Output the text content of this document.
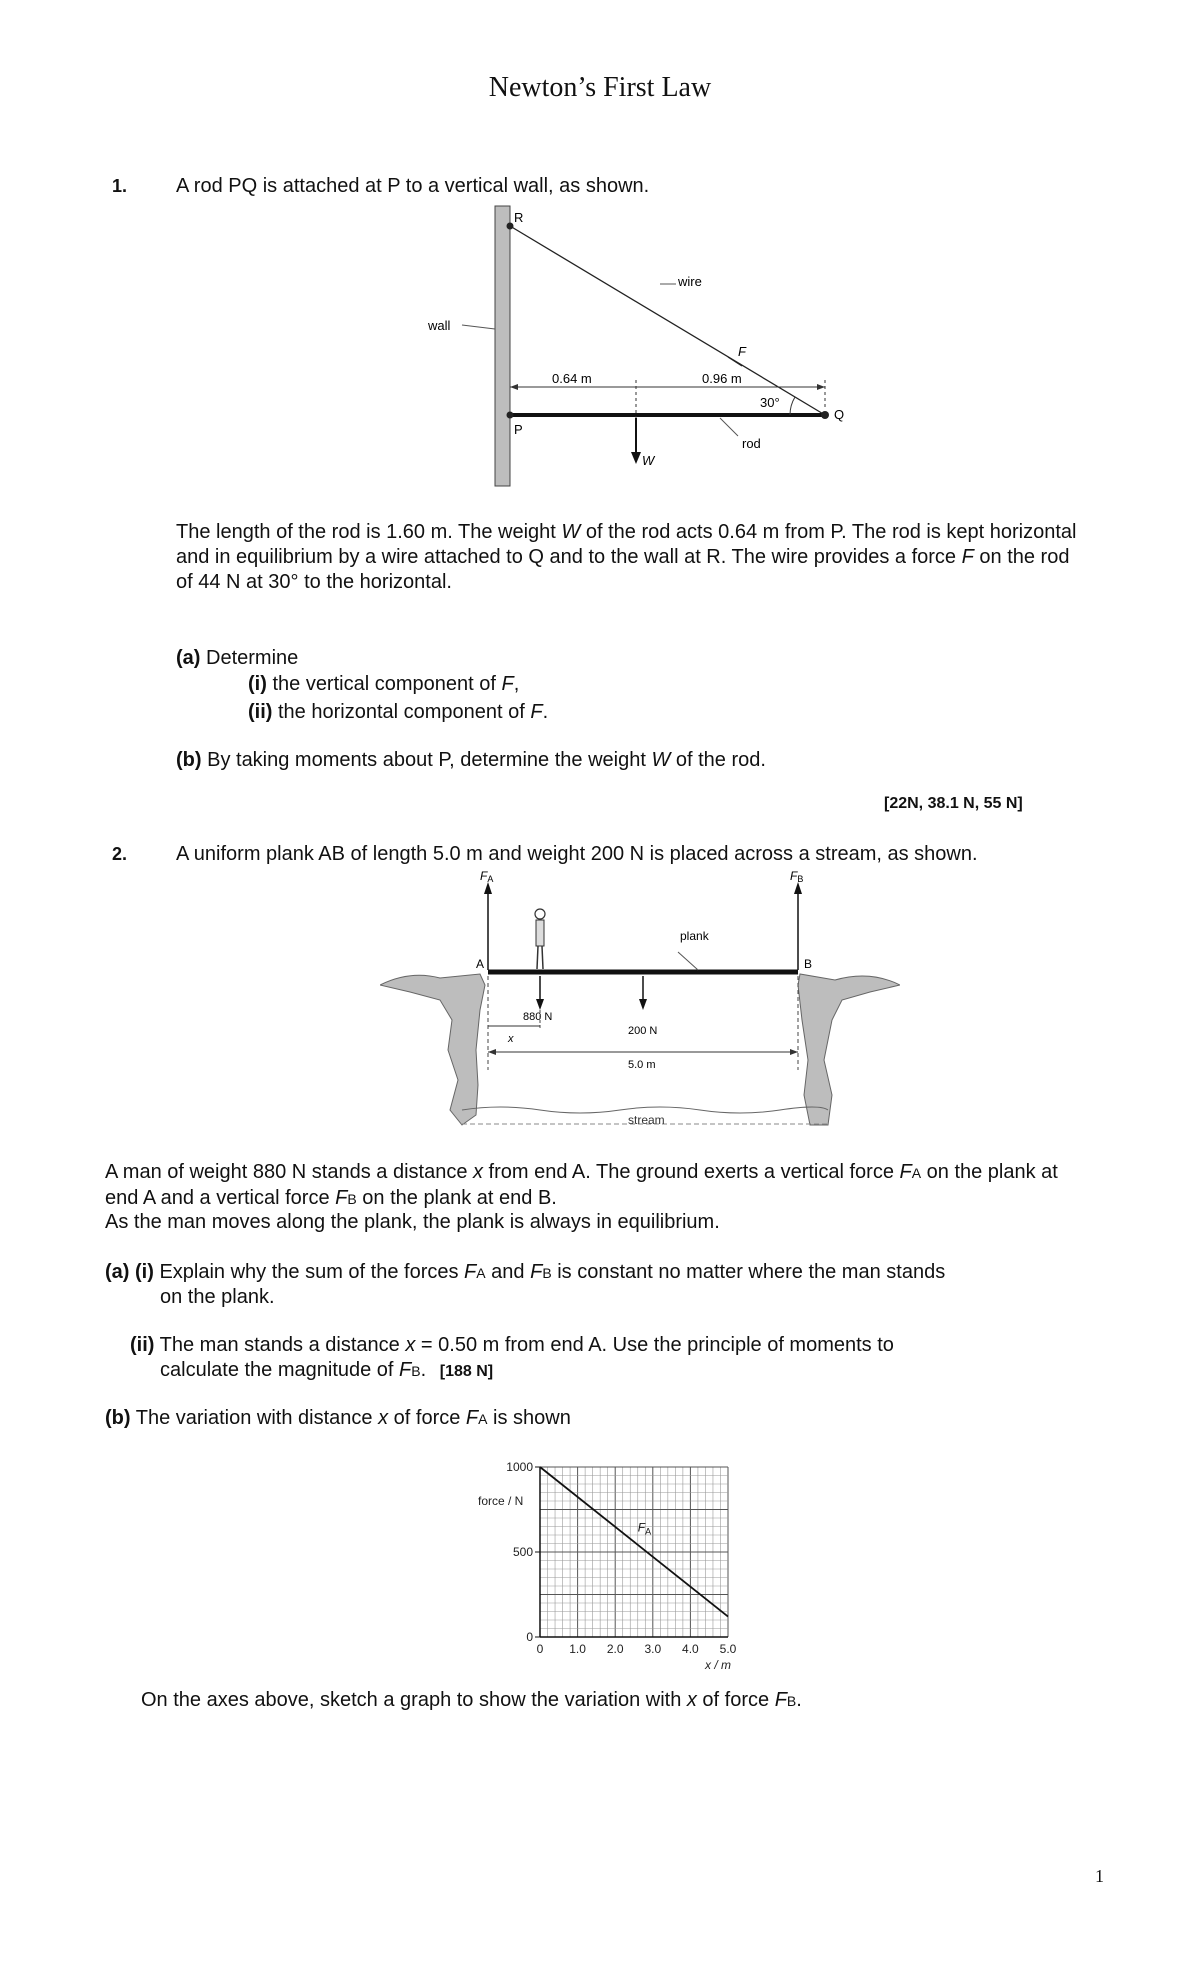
Newton’s First Law
1. A rod PQ is attached at P to a vertical wall, as shown.
wall
R
wire
F
P
Q
0.64 m	0.96 m
30°
W
rod
The length of the rod is 1.60 m. The weight W of the rod acts 0.64 m from P. The rod is kept horizontal and in equilibrium by a wire attached to Q and to the wall at R. The wire provides a force F on the rod of 44 N at 30° to the horizontal.
(a) Determine
(i) the vertical component of F,
(ii) the horizontal component of F.
(b) By taking moments about P, determine the weight W of the rod.
[22N, 38.1 N, 55 N]
2. A uniform plank AB of length 5.0 m and weight 200 N is placed across a stream, as shown.
stream
A	B
plank
FA	FB
880 N
200 N
x
5.0 m
A man of weight 880 N stands a distance x from end A. The ground exerts a vertical force FA on the plank at end A and a vertical force FB on the plank at end B.
As the man moves along the plank, the plank is always in equilibrium.
(a) (i) Explain why the sum of the forces FA and FB is constant no matter where the man stands
on the plank.
(ii) The man stands a distance x = 0.50 m from end A. Use the principle of moments to
calculate the magnitude of FB. [188 N]
(b) The variation with distance x of force FA is shown
0 1.0 2.0 3.0 4.0 5.0
0
500
1000
force / N
x / m
$F_A$
On the axes above, sketch a graph to show the variation with x of force FB.
1
